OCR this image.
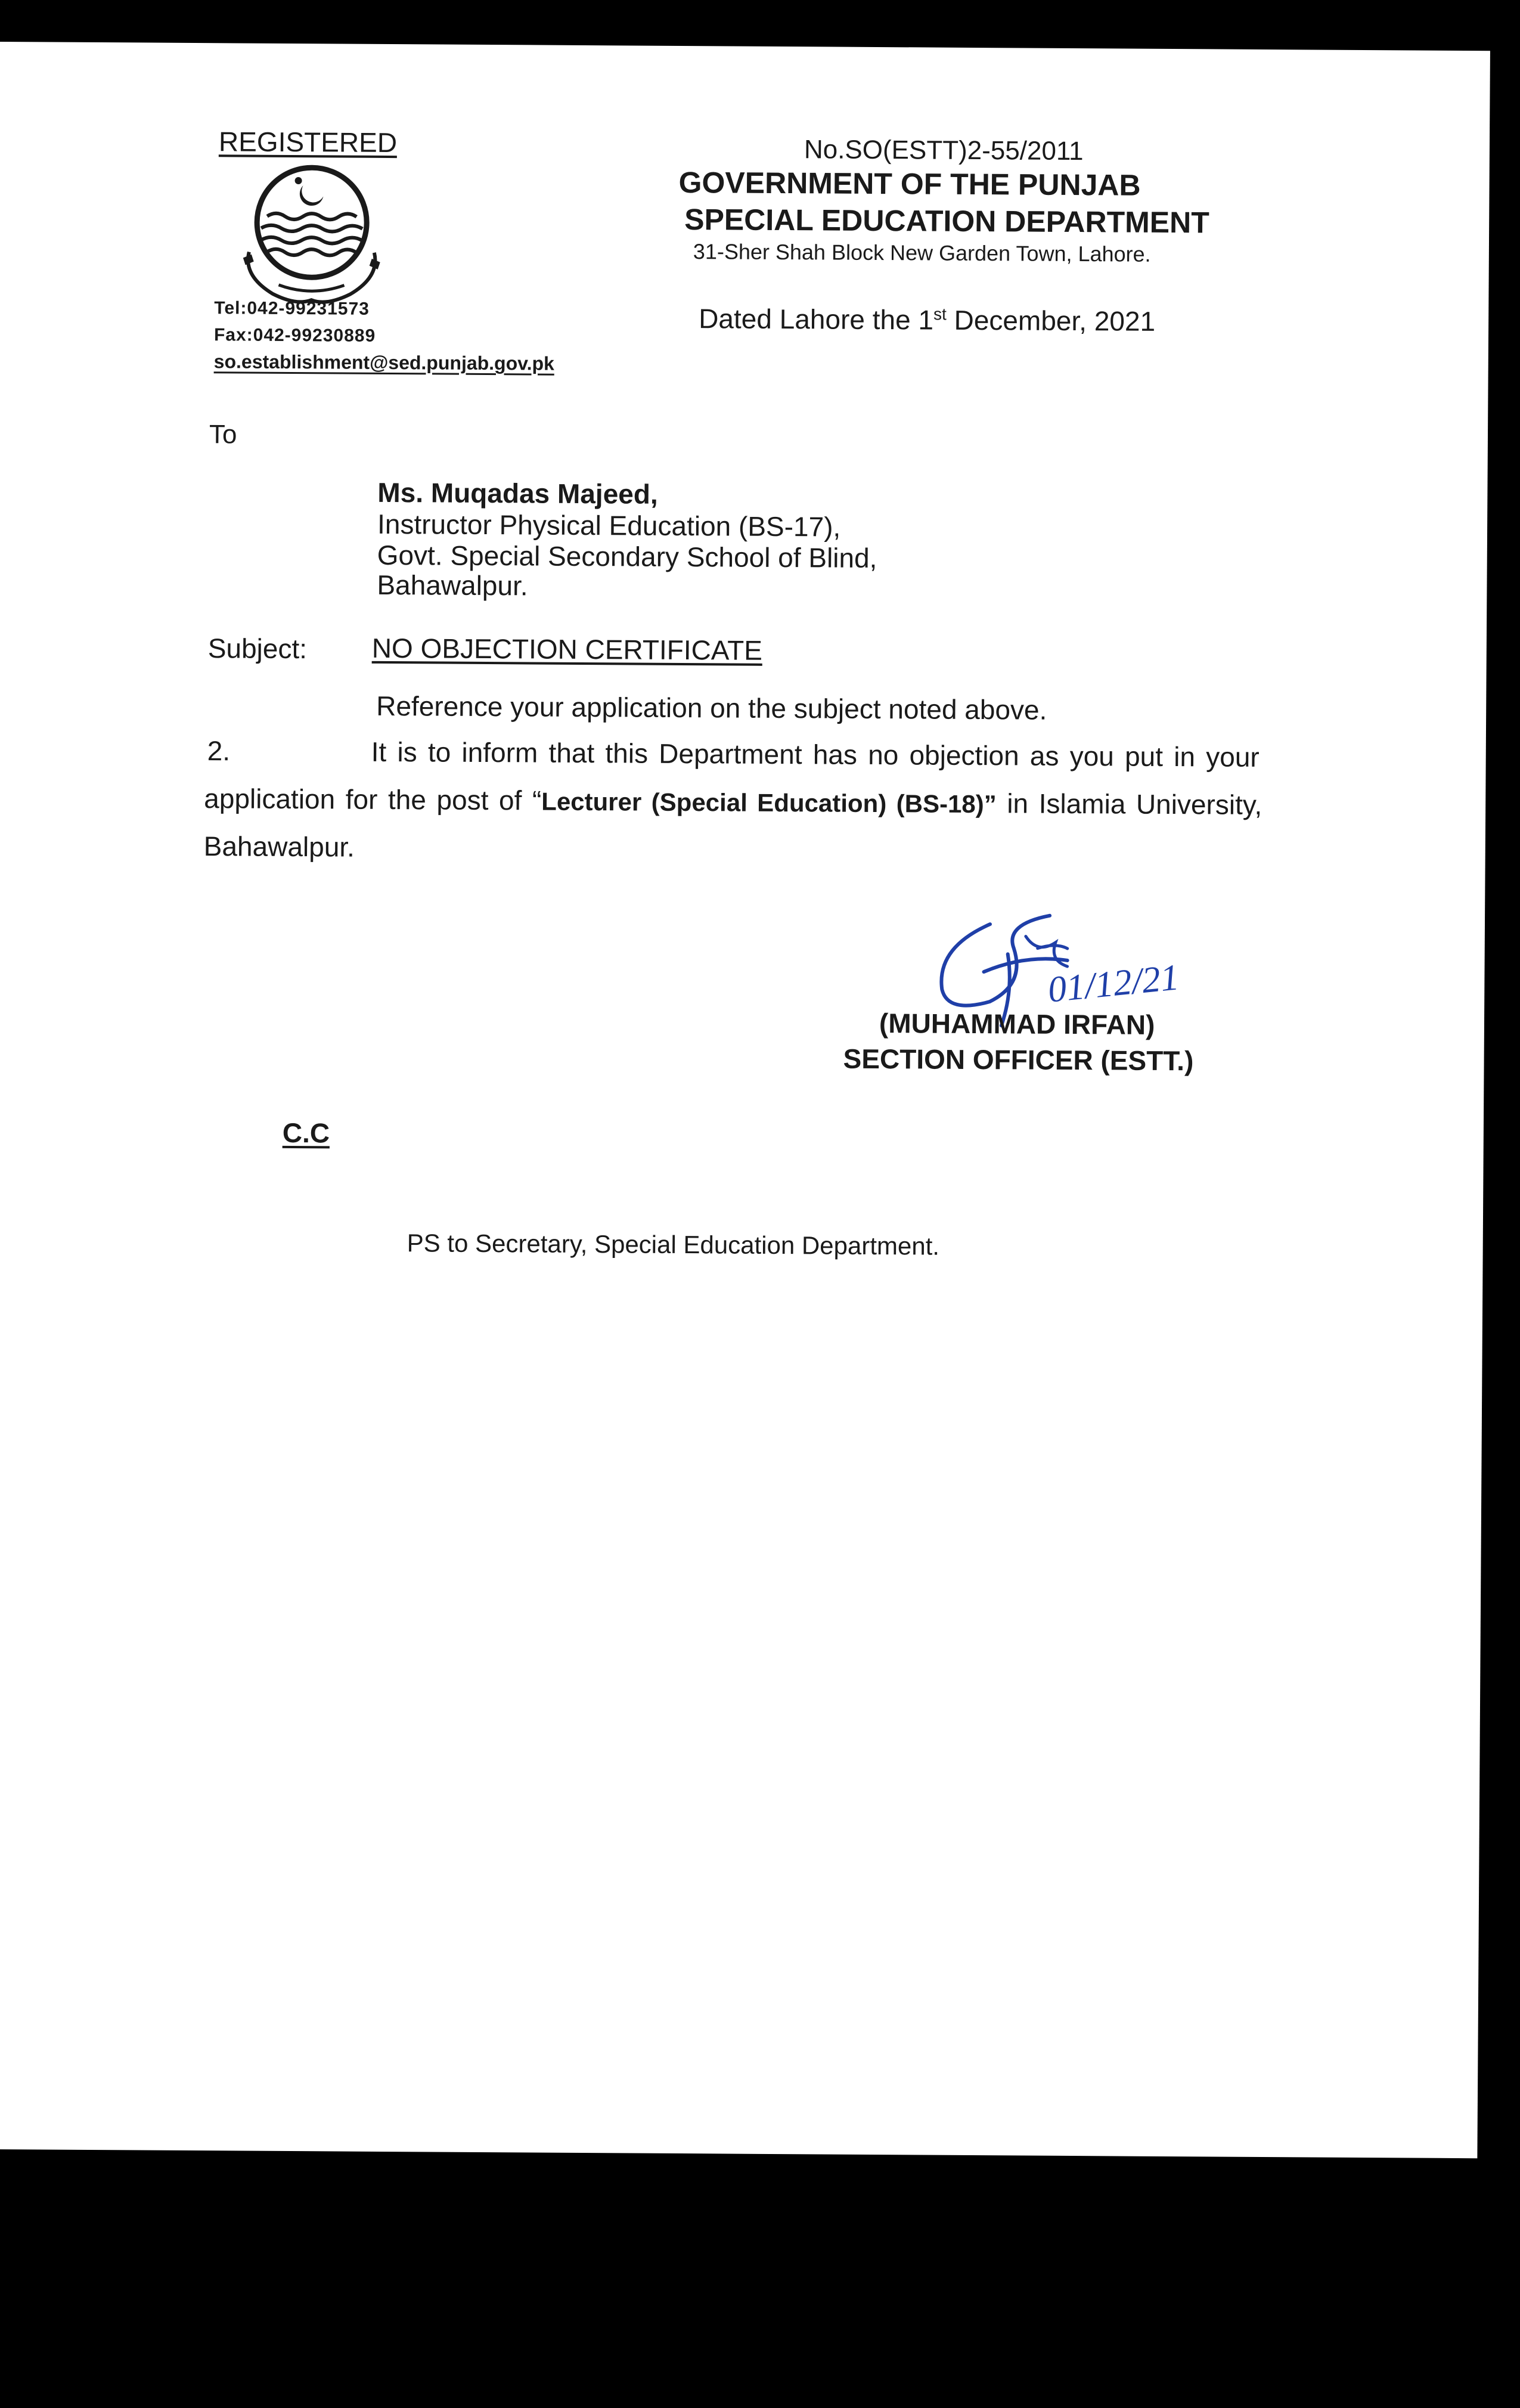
REGISTERED
Tel:042-99231573
Fax:042-99230889
so.establishment@sed.punjab.gov.pk
No.SO(ESTT)2-55/2011
GOVERNMENT OF THE PUNJAB
SPECIAL EDUCATION DEPARTMENT
31-Sher Shah Block New Garden Town, Lahore.
Dated Lahore the 1st December, 2021
To
Ms. Muqadas Majeed,
Instructor Physical Education (BS-17),
Govt. Special Secondary School of Blind,
Bahawalpur.
Subject: NO OBJECTION CERTIFICATE
Reference your application on the subject noted above.
2.	It is to inform that this Department has no objection as you put in your
application for the post of “Lecturer (Special Education) (BS-18)” in Islamia University,
Bahawalpur.
01/12/21
(MUHAMMAD IRFAN)
SECTION OFFICER (ESTT.)
C.C
PS to Secretary, Special Education Department.
